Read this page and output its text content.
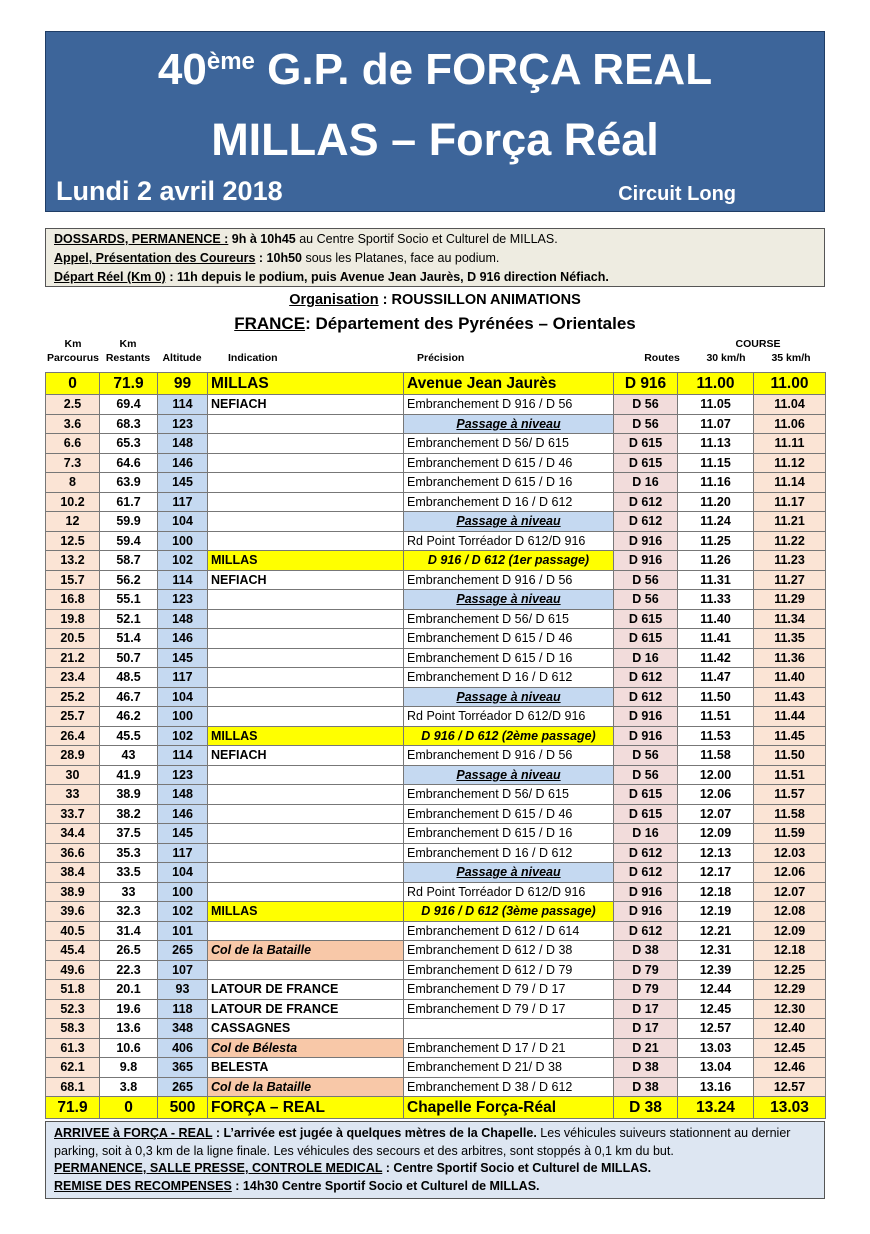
40ème G.P. de FORÇA REAL
MILLAS – Força Réal
Lundi 2 avril 2018	Circuit Long
DOSSARDS, PERMANENCE : 9h à 10h45 au Centre Sportif Socio et Culturel de MILLAS.
Appel, Présentation des Coureurs : 10h50 sous les Platanes, face au podium.
Départ Réel (Km 0) : 11h depuis le podium, puis Avenue Jean Jaurès, D 916 direction Néfiach.
Organisation : ROUSSILLON ANIMATIONS
FRANCE: Département des Pyrénées – Orientales
Km
Parcourus
Km
Restants	Altitude	Indication	Précision	Routes
COURSE
30 km/h	35 km/h
0	71.9	99	MILLAS	Avenue Jean Jaurès	D 916	11.00	11.00
2.5	69.4	114	NEFIACH	Embranchement D 916 / D 56	D 56	11.05	11.04
3.6	68.3	123		Passage à niveau	D 56	11.07	11.06
6.6	65.3	148		Embranchement D 56/ D 615	D 615	11.13	11.11
7.3	64.6	146		Embranchement D 615 / D 46	D 615	11.15	11.12
8	63.9	145		Embranchement D 615 / D 16	D 16	11.16	11.14
10.2	61.7	117		Embranchement D 16 / D 612	D 612	11.20	11.17
12	59.9	104		Passage à niveau	D 612	11.24	11.21
12.5	59.4	100		Rd Point Torréador D 612/D 916	D 916	11.25	11.22
13.2	58.7	102	MILLAS	D 916 / D 612 (1er passage)	D 916	11.26	11.23
15.7	56.2	114	NEFIACH	Embranchement D 916 / D 56	D 56	11.31	11.27
16.8	55.1	123		Passage à niveau	D 56	11.33	11.29
19.8	52.1	148		Embranchement D 56/ D 615	D 615	11.40	11.34
20.5	51.4	146		Embranchement D 615 / D 46	D 615	11.41	11.35
21.2	50.7	145		Embranchement D 615 / D 16	D 16	11.42	11.36
23.4	48.5	117		Embranchement D 16 / D 612	D 612	11.47	11.40
25.2	46.7	104		Passage à niveau	D 612	11.50	11.43
25.7	46.2	100		Rd Point Torréador D 612/D 916	D 916	11.51	11.44
26.4	45.5	102	MILLAS	D 916 / D 612 (2ème passage)	D 916	11.53	11.45
28.9	43	114	NEFIACH	Embranchement D 916 / D 56	D 56	11.58	11.50
30	41.9	123		Passage à niveau	D 56	12.00	11.51
33	38.9	148		Embranchement D 56/ D 615	D 615	12.06	11.57
33.7	38.2	146		Embranchement D 615 / D 46	D 615	12.07	11.58
34.4	37.5	145		Embranchement D 615 / D 16	D 16	12.09	11.59
36.6	35.3	117		Embranchement D 16 / D 612	D 612	12.13	12.03
38.4	33.5	104		Passage à niveau	D 612	12.17	12.06
38.9	33	100		Rd Point Torréador D 612/D 916	D 916	12.18	12.07
39.6	32.3	102	MILLAS	D 916 / D 612 (3ème passage)	D 916	12.19	12.08
40.5	31.4	101		Embranchement D 612 / D 614	D 612	12.21	12.09
45.4	26.5	265	Col de la Bataille	Embranchement D 612 / D 38	D 38	12.31	12.18
49.6	22.3	107		Embranchement D 612 / D 79	D 79	12.39	12.25
51.8	20.1	93	LATOUR DE FRANCE	Embranchement D 79 / D 17	D 79	12.44	12.29
52.3	19.6	118	LATOUR DE FRANCE	Embranchement D 79 / D 17	D 17	12.45	12.30
58.3	13.6	348	CASSAGNES		D 17	12.57	12.40
61.3	10.6	406	Col de Bélesta	Embranchement D 17 / D 21	D 21	13.03	12.45
62.1	9.8	365	BELESTA	Embranchement D 21/ D 38	D 38	13.04	12.46
68.1	3.8	265	Col de la Bataille	Embranchement D 38 / D 612	D 38	13.16	12.57
71.9	0	500	FORÇA – REAL	Chapelle Força-Réal	D 38	13.24	13.03
ARRIVEE à FORÇA - REAL : L’arrivée est jugée à quelques mètres de la Chapelle. Les véhicules suiveurs stationnent au dernier parking, soit à 0,3 km de la ligne finale. Les véhicules des secours et des arbitres, sont stoppés à 0,1 km du but.
PERMANENCE, SALLE PRESSE, CONTROLE MEDICAL : Centre Sportif Socio et Culturel de MILLAS.
REMISE DES RECOMPENSES : 14h30 Centre Sportif Socio et Culturel de MILLAS.
